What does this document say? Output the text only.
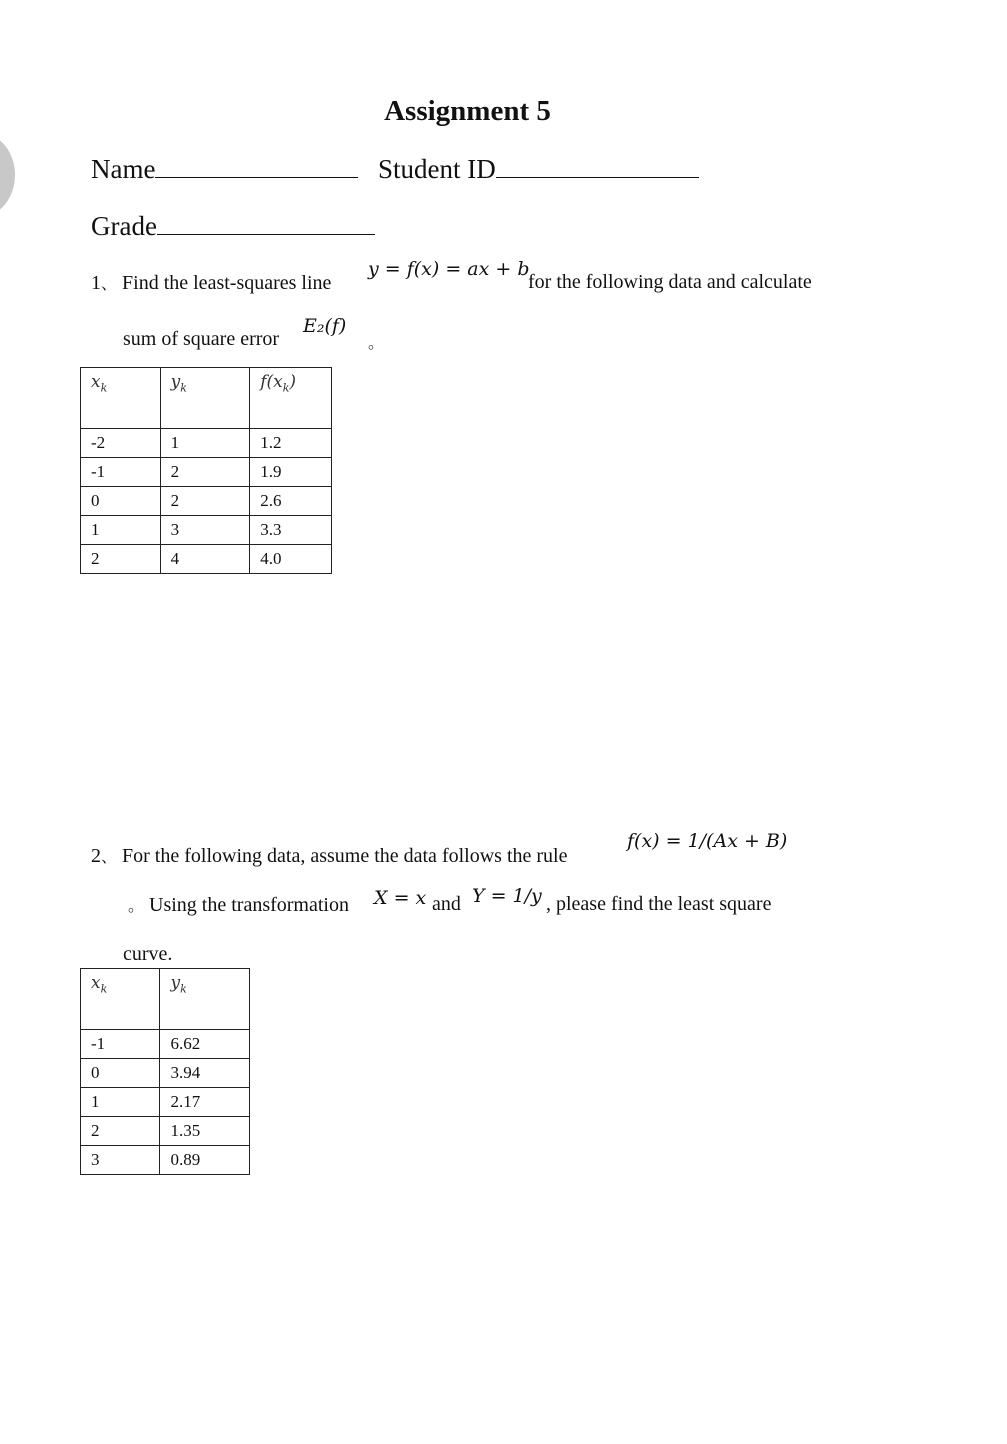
Assignment 5
Name	Student ID
Grade
1、 Find the least-squares line
y = f(x) = ax + b
for the following data and calculate
sum of square error
E₂(f)
。
$x_k$	$y_k$	$f(x_k)$
-2	1	1.2
-1	2	1.9
0	2	2.6
1	3	3.3
2	4	4.0
2、 For the following data, assume the data follows the rule
f(x) = 1/(Ax + B)
。 Using the transformation X = x and Y = 1/y , please find the least square
curve.
$x_k$	$y_k$
-1	6.62
0	3.94
1	2.17
2	1.35
3	0.89
